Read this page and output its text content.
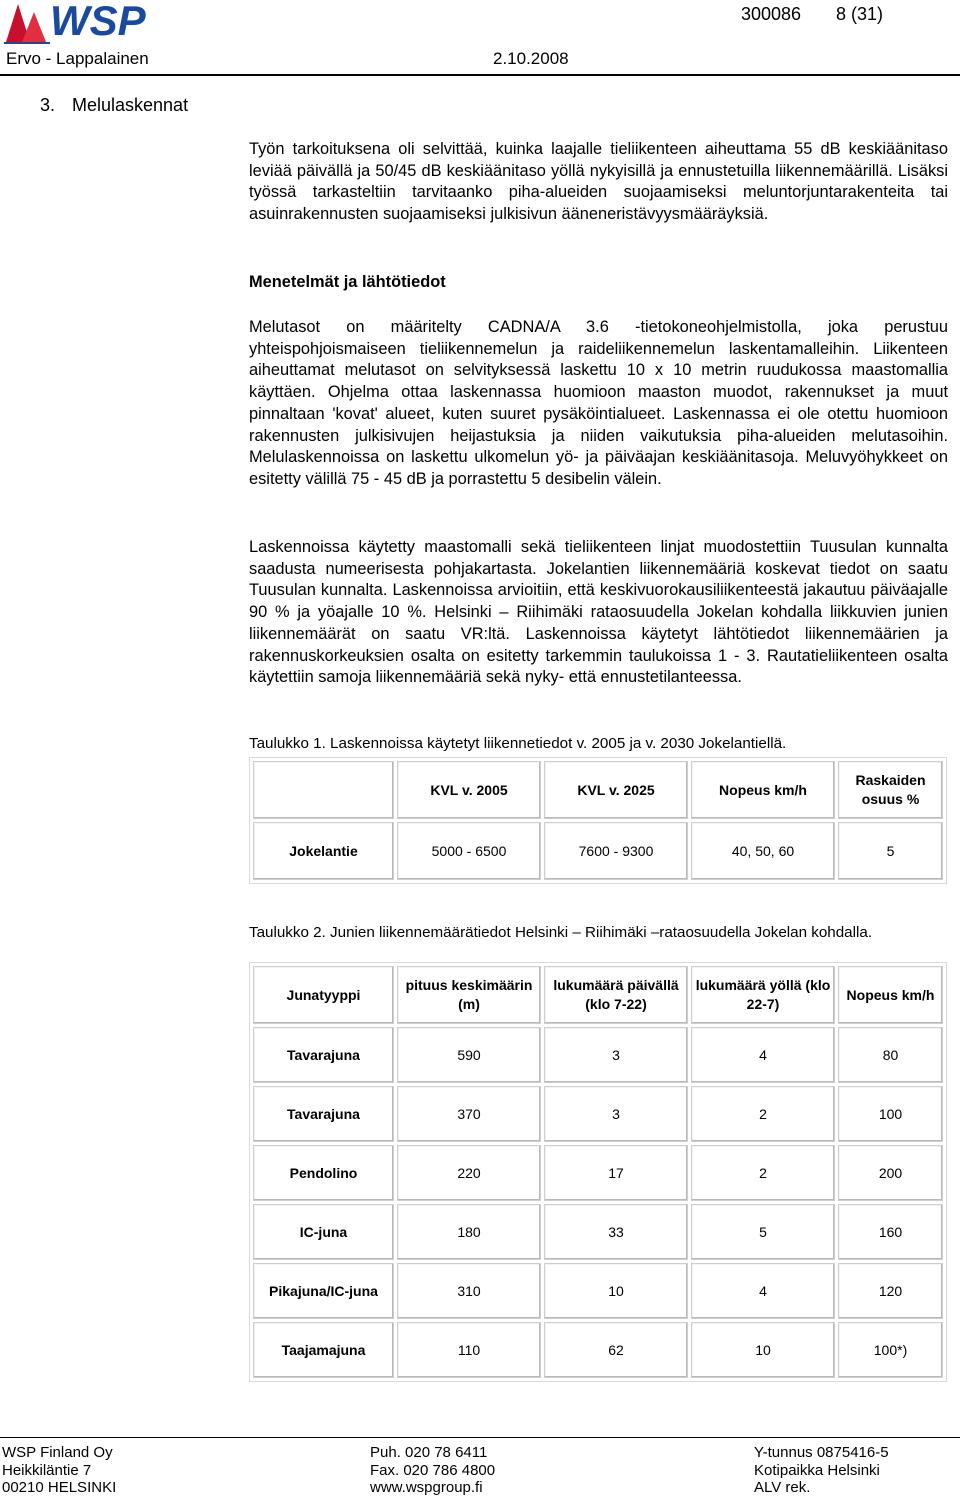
WSP	300086 8 (31)
Ervo - Lappalainen	2.10.2008
3. Melulaskennat

Työn tarkoituksena oli selvittää, kuinka laajalle tieliikenteen aiheuttama 55 dB keskiäänitaso leviää päivällä ja 50/45 dB keskiäänitaso yöllä nykyisillä ja ennustetuilla liikennemäärillä. Lisäksi työssä tarkasteltiin tarvitaanko piha-alueiden suojaamiseksi meluntorjuntarakenteita tai asuinrakennusten suojaamiseksi julkisivun ääneneristävyysmääräyksiä.

Menetelmät ja lähtötiedot

Melutasot on määritelty CADNA/A 3.6 -tietokoneohjelmistolla, joka perustuu yhteispohjoismaiseen tieliikennemelun ja raideliikennemelun laskentamalleihin. Liikenteen aiheuttamat melutasot on selvityksessä laskettu 10 x 10 metrin ruudukossa maastomallia käyttäen. Ohjelma ottaa laskennassa huomioon maaston muodot, rakennukset ja muut pinnaltaan 'kovat' alueet, kuten suuret pysäköintialueet. Laskennassa ei ole otettu huomioon rakennusten julkisivujen heijastuksia ja niiden vaikutuksia piha-alueiden melutasoihin. Melulaskennoissa on laskettu ulkomelun yö- ja päiväajan keskiäänitasoja. Meluvyöhykkeet on esitetty välillä 75 - 45 dB ja porrastettu 5 desibelin välein.

Laskennoissa käytetty maastomalli sekä tieliikenteen linjat muodostettiin Tuusulan kunnalta saadusta numeerisesta pohjakartasta. Jokelantien liikennemääriä koskevat tiedot on saatu Tuusulan kunnalta. Laskennoissa arvioitiin, että keskivuorokausiliikenteestä jakautuu päiväajalle 90 % ja yöajalle 10 %. Helsinki – Riihimäki rataosuudella Jokelan kohdalla liikkuvien junien liikennemäärät on saatu VR:ltä. Laskennoissa käytetyt lähtötiedot liikennemäärien ja rakennuskorkeuksien osalta on esitetty tarkemmin taulukoissa 1 - 3. Rautatieliikenteen osalta käytettiin samoja liikennemääriä sekä nyky- että ennustetilanteessa.

Taulukko 1. Laskennoissa käytetyt liikennetiedot v. 2005 ja v. 2030 Jokelantiellä.
	KVL v. 2005	KVL v. 2025	Nopeus km/h	Raskaiden osuus %
Jokelantie	5000 - 6500	7600 - 9300	40, 50, 60	5
Taulukko 2. Junien liikennemäärätiedot Helsinki – Riihimäki –rataosuudella Jokelan kohdalla.
Junatyyppi	pituus keskimäärin (m)	lukumäärä päivällä (klo 7-22)	lukumäärä yöllä (klo 22-7)	Nopeus km/h
Tavarajuna	590	3	4	80
Tavarajuna	370	3	2	100
Pendolino	220	17	2	200
IC-juna	180	33	5	160
Pikajuna/IC-juna	310	10	4	120
Taajamajuna	110	62	10	100*)
WSP Finland Oy
Heikkiläntie 7
00210 HELSINKI
Puh. 020 78 6411
Fax. 020 786 4800
www.wspgroup.fi
Y-tunnus 0875416-5
Kotipaikka Helsinki
ALV rek.
